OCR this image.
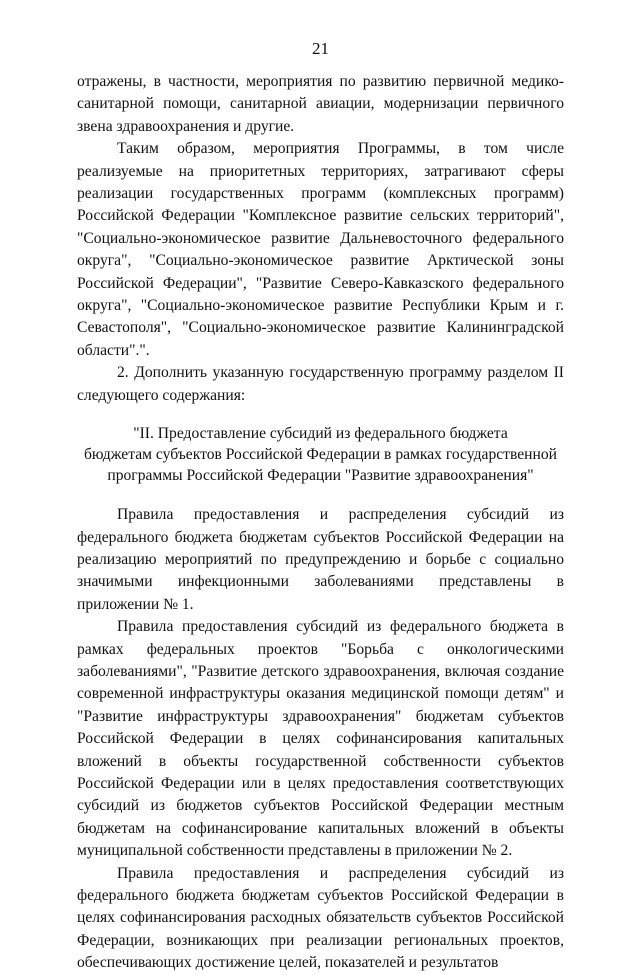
21

отражены, в частности, мероприятия по развитию первичной медико-санитарной помощи, санитарной авиации, модернизации первичного звена здравоохранения и другие.

Таким образом, мероприятия Программы, в том числе реализуемые на приоритетных территориях, затрагивают сферы реализации государственных программ (комплексных программ) Российской Федерации "Комплексное развитие сельских территорий", "Социально-экономическое развитие Дальневосточного федерального округа", "Социально-экономическое развитие Арктической зоны Российской Федерации", "Развитие Северо-Кавказского федерального округа", "Социально-экономическое развитие Республики Крым и г. Севастополя", "Социально-экономическое развитие Калининградской области".".

2. Дополнить указанную государственную программу разделом II следующего содержания:

"II. Предоставление субсидий из федерального бюджета
бюджетам субъектов Российской Федерации в рамках государственной
программы Российской Федерации "Развитие здравоохранения"

Правила предоставления и распределения субсидий из федерального бюджета бюджетам субъектов Российской Федерации на реализацию мероприятий по предупреждению и борьбе с социально значимыми инфекционными заболеваниями представлены в приложении № 1.

Правила предоставления субсидий из федерального бюджета в рамках федеральных проектов "Борьба с онкологическими заболеваниями", "Развитие детского здравоохранения, включая создание современной инфраструктуры оказания медицинской помощи детям" и "Развитие инфраструктуры здравоохранения" бюджетам субъектов Российской Федерации в целях софинансирования капитальных вложений в объекты государственной собственности субъектов Российской Федерации или в целях предоставления соответствующих субсидий из бюджетов субъектов Российской Федерации местным бюджетам на софинансирование капитальных вложений в объекты муниципальной собственности представлены в приложении № 2.

Правила предоставления и распределения субсидий из федерального бюджета бюджетам субъектов Российской Федерации в целях софинансирования расходных обязательств субъектов Российской Федерации, возникающих при реализации региональных проектов, обеспечивающих достижение целей, показателей и результатов
